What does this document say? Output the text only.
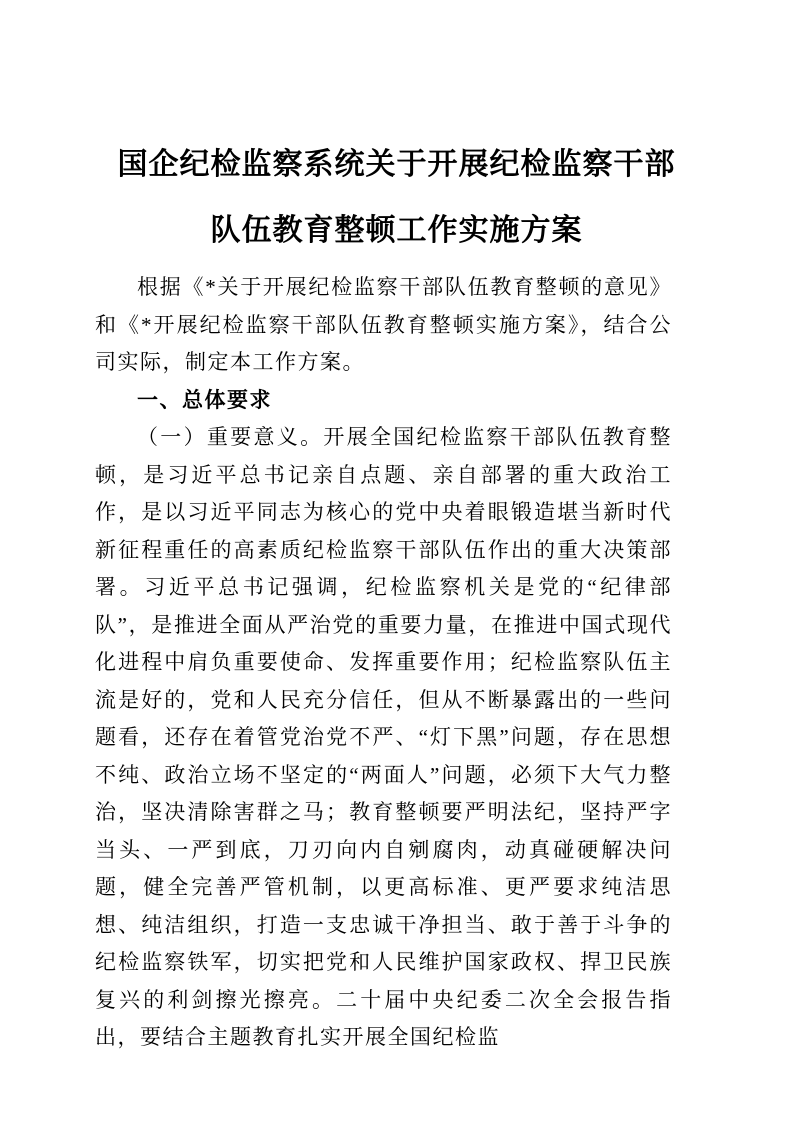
国企纪检监察系统关于开展纪检监察干部
队伍教育整顿工作实施方案

根据《*关于开展纪检监察干部队伍教育整顿的意见》和《*开展纪检监察干部队伍教育整顿实施方案》，结合公司实际，制定本工作方案。

一、总体要求

（一）重要意义。开展全国纪检监察干部队伍教育整顿，是习近平总书记亲自点题、亲自部署的重大政治工作，是以习近平同志为核心的党中央着眼锻造堪当新时代新征程重任的高素质纪检监察干部队伍作出的重大决策部署。习近平总书记强调，纪检监察机关是党的“纪律部队”，是推进全面从严治党的重要力量，在推进中国式现代化进程中肩负重要使命、发挥重要作用；纪检监察队伍主流是好的，党和人民充分信任，但从不断暴露出的一些问题看，还存在着管党治党不严、“灯下黑”问题，存在思想不纯、政治立场不坚定的“两面人”问题，必须下大气力整治，坚决清除害群之马；教育整顿要严明法纪，坚持严字当头、一严到底，刀刃向内自剜腐肉，动真碰硬解决问题，健全完善严管机制，以更高标准、更严要求纯洁思想、纯洁组织，打造一支忠诚干净担当、敢于善于斗争的纪检监察铁军，切实把党和人民维护国家政权、捍卫民族复兴的利剑擦光擦亮。二十届中央纪委二次全会报告指出，要结合主题教育扎实开展全国纪检监
